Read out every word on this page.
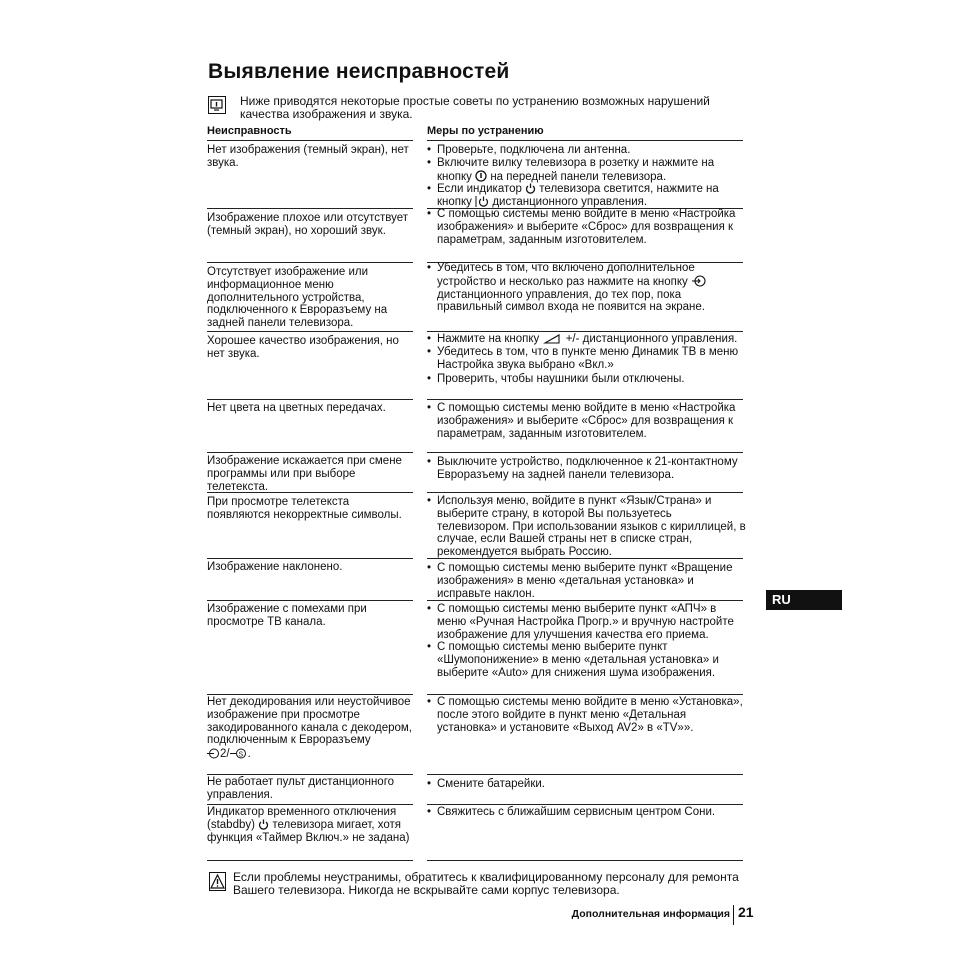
Выявление неисправностей
Ниже приводятся некоторые простые советы по устранению возможных нарушений качества изображения и звука.
Неисправность	Меры по устранению
Нет изображения (темный экран), нет звука.
• Проверьте, подключена ли антенна.
• Включите вилку телевизора в розетку и нажмите на кнопку на передней панели телевизора.
• Если индикатор телевизора светится, нажмите на кнопку дистанционного управления.
Изображение плохое или отсутствует (темный экран), но хороший звук.
• С помощью системы меню войдите в меню «Настройка изображения» и выберите «Сброс» для возвращения к параметрам, заданным изготовителем.
Отсутствует изображение или информационное меню дополнительного устройства, подключенного к Евроразъему на задней панели телевизора.
• Убедитесь в том, что включено дополнительное устройство и несколько раз нажмите на кнопку  дистанционного управления, до тех пор, пока правильный символ входа не появится на экране.
Хорошее качество изображения, но нет звука.
• Нажмите на кнопку +/- дистанционного управления.
• Убедитесь в том, что в пункте меню Динамик ТВ в меню Настройка звука выбрано «Вкл.»
• Проверить, чтобы наушники были отключены.
Нет цвета на цветных передачах.	• С помощью системы меню войдите в меню «Настройка изображения» и выберите «Сброс» для возвращения к параметрам, заданным изготовителем.
Изображение искажается при смене программы или при выборе телетекста.
• Выключите устройство, подключенное к 21-контактному Евроразъему на задней панели телевизора.
При просмотре телетекста появляются некорректные символы.
• Используя меню, войдите в пункт «Язык/Страна» и выберите страну, в которой Вы пользуетесь телевизором. При использовании языков с кириллицей, в случае, если Вашей страны нет в списке стран, рекомендуется выбрать Россию.
Изображение наклонено.	• С помощью системы меню выберите пункт «Вращение изображения» в меню «детальная установка» и исправьте наклон.
Изображение с помехами при просмотре ТВ канала.
• С помощью системы меню выберите пункт «АПЧ» в меню «Ручная Настройка Прогр.» и вручную настройте изображение для улучшения качества его приема.
• С помощью системы меню выберите пункт «Шумопонижение» в меню «детальная установка» и выберите «Auto» для снижения шума изображения.
Нет декодирования или неустойчивое изображение при просмотре закодированного канала с декодером, подключенным к Евроразъему
2/ S .
• С помощью системы меню войдите в меню «Установка», после этого войдите в пункт меню «Детальная установка» и установите «Выход AV2» в «TV»».
Не работает пульт дистанционного управления.
• Смените батарейки.
Индикатор временного отключения (stabdby) телевизора мигает, хотя функция «Таймер Включ.» не задана)
• Свяжитесь с ближайшим сервисным центром Сони.
Если проблемы неустранимы, обратитесь к квалифицированному персоналу для ремонта Вашего телевизора. Никогда не вскрывайте сами корпус телевизора.
RU
Дополнительная информация 21
